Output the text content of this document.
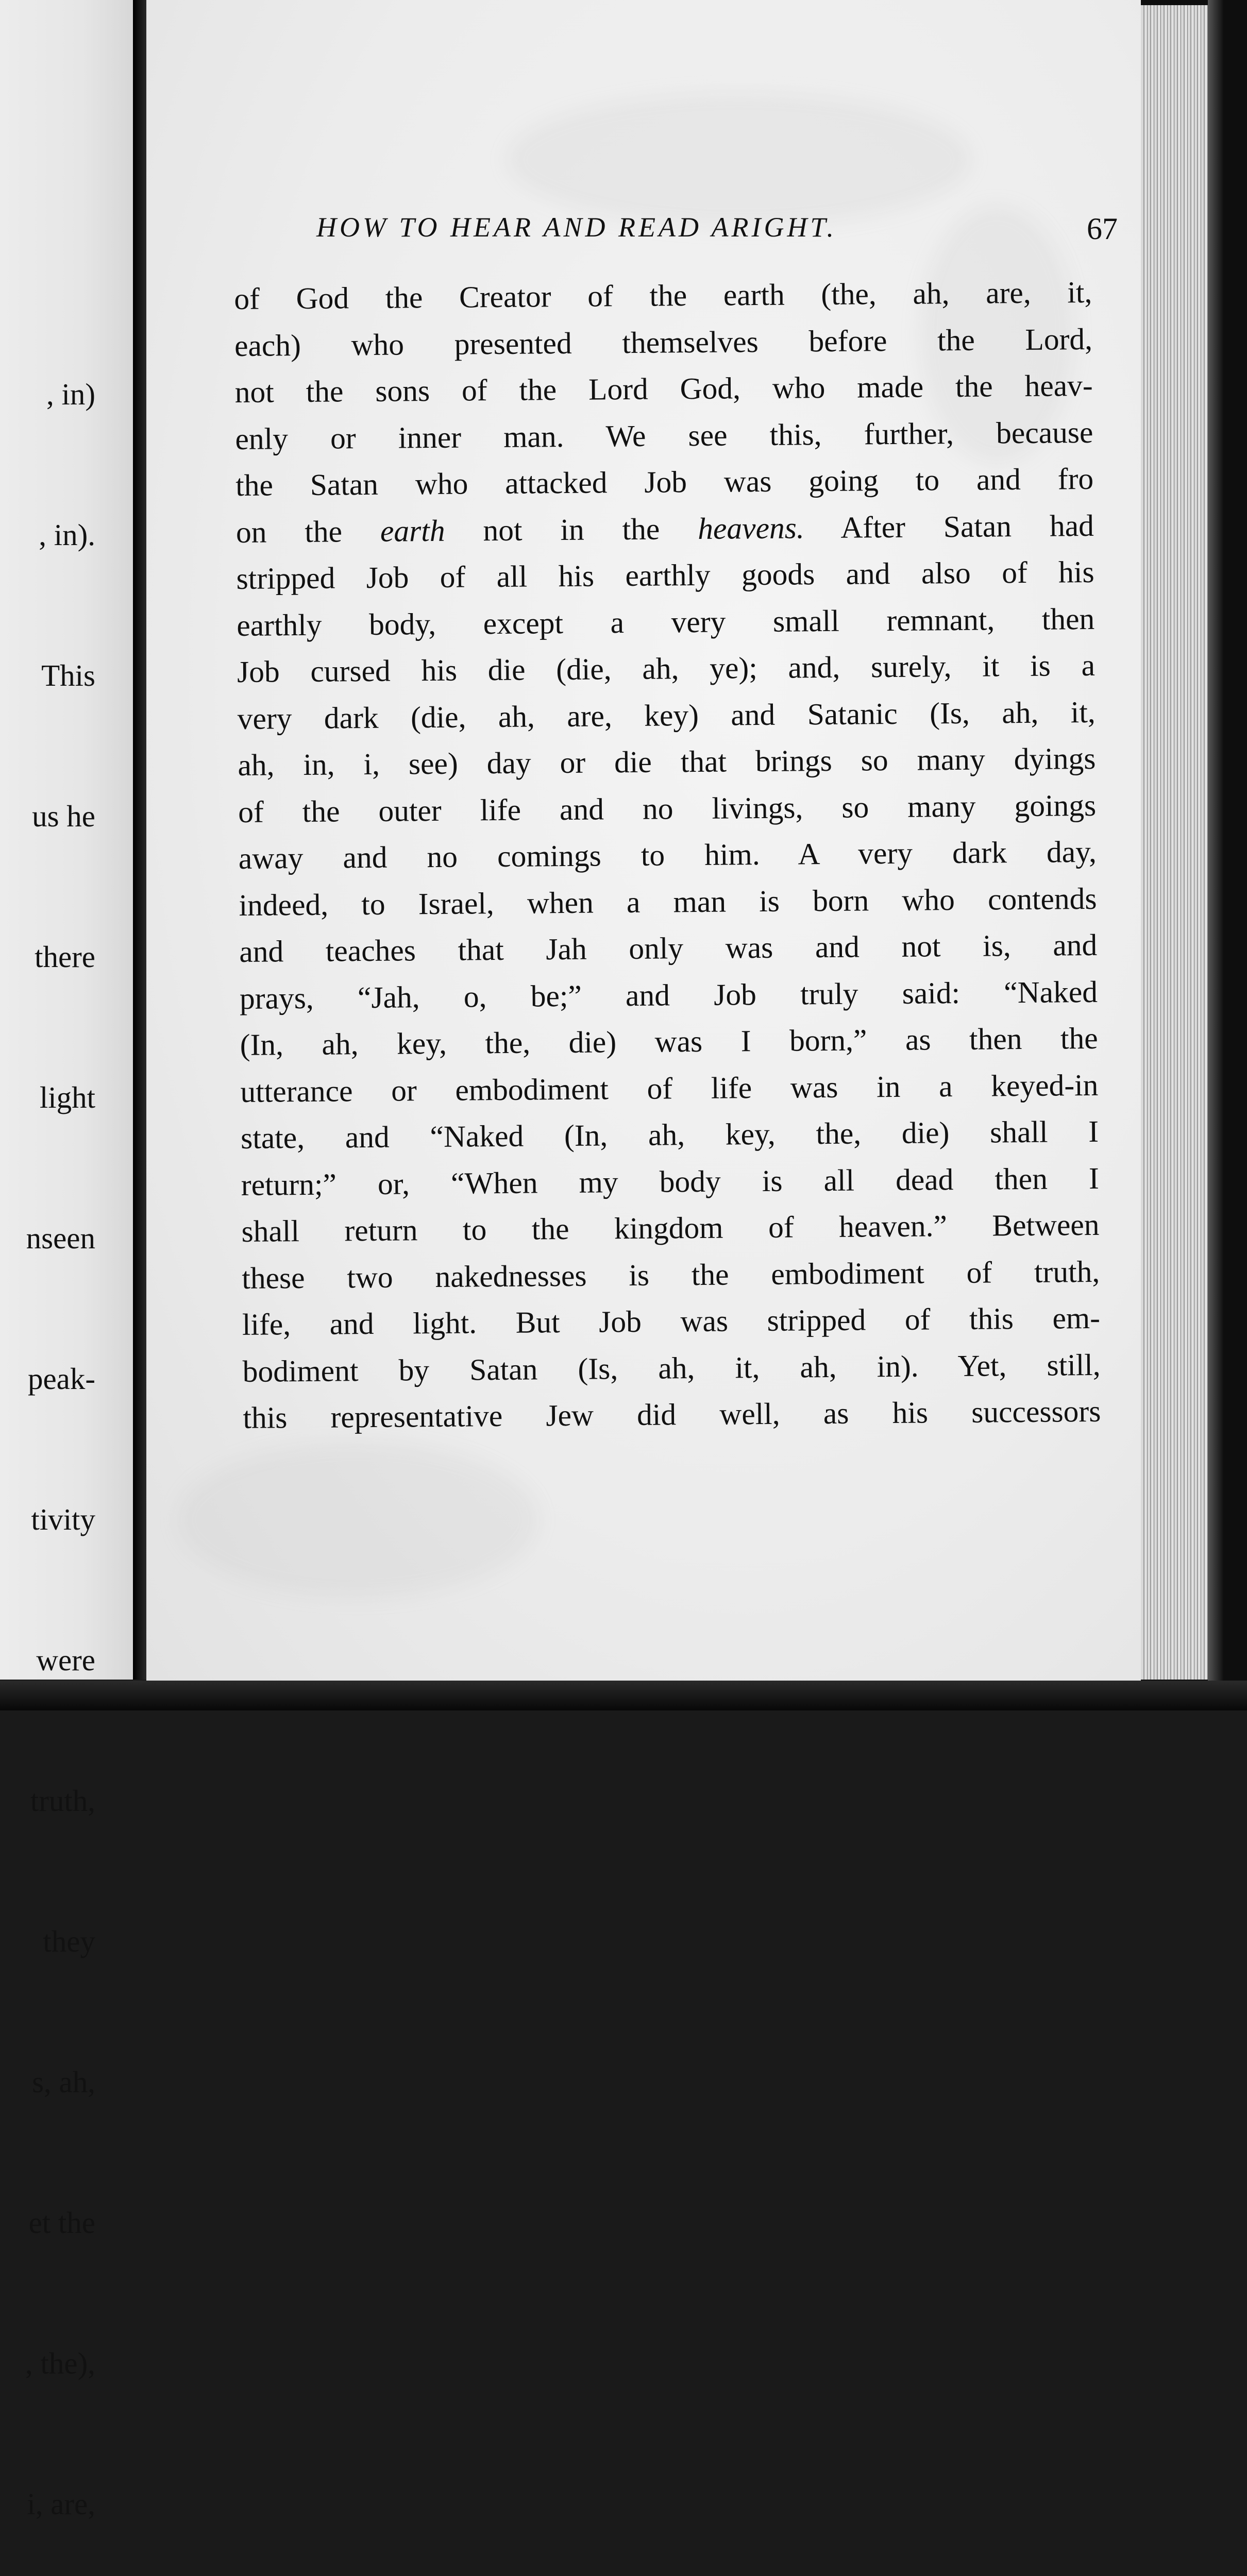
, in)

, in).

This

us he

there

light

nseen

peak-

tivity

were

truth,

they

s, ah,

et the

, the),

i, are,

HOW TO HEAR AND READ ARIGHT.	67
of God the Creator of the earth (the, ah, are, it,
each) who presented themselves before the Lord,
not the sons of the Lord God, who made the heav-
enly or inner man. We see this, further, because
the Satan who attacked Job was going to and fro
on the earth not in the heavens. After Satan had
stripped Job of all his earthly goods and also of his
earthly body, except a very small remnant, then
Job cursed his die (die, ah, ye); and, surely, it is a
very dark (die, ah, are, key) and Satanic (Is, ah, it,
ah, in, i, see) day or die that brings so many dyings
of the outer life and no livings, so many goings
away and no comings to him. A very dark day,
indeed, to Israel, when a man is born who contends
and teaches that Jah only was and not is, and
prays, “Jah, o, be;” and Job truly said: “Naked
(In, ah, key, the, die) was I born,” as then the
utterance or embodiment of life was in a keyed-in
state, and “Naked (In, ah, key, the, die) shall I
return;” or, “When my body is all dead then I
shall return to the kingdom of heaven.” Between
these two nakednesses is the embodiment of truth,
life, and light. But Job was stripped of this em-
bodiment by Satan (Is, ah, it, ah, in). Yet, still,
this representative Jew did well, as his successors
